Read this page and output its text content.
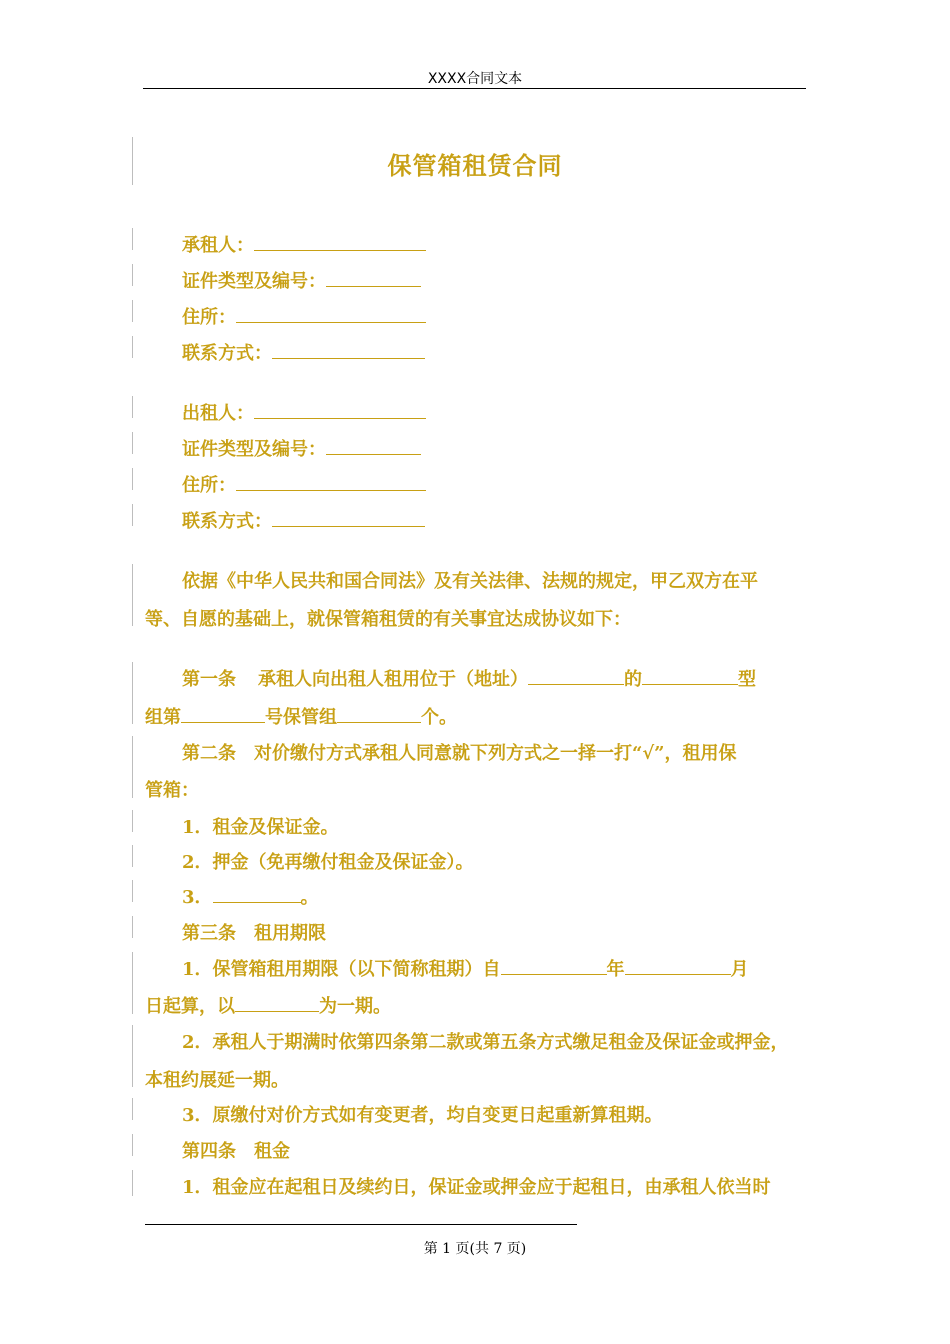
XXXX合同文本
保管箱租赁合同
承租人：
证件类型及编号：
住所：
联系方式：
出租人：
证件类型及编号：
住所：
联系方式：
依据《中华人民共和国合同法》及有关法律、法规的规定，甲乙双方在平
等、自愿的基础上，就保管箱租赁的有关事宜达成协议如下：
第一条 承租人向出租人租用位于（地址）	的	型
组第	号保管组	个。
第二条　对价缴付方式承租人同意就下列方式之一择一打“√”，租用保
管箱：
1．租金及保证金。
2．押金（免再缴付租金及保证金）。
3．	。
第三条　租用期限
1．保管箱租用期限（以下简称租期）自	年	月
日起算，以	为一期。
2．承租人于期满时依第四条第二款或第五条方式缴足租金及保证金或押金，
本租约展延一期。
3．原缴付对价方式如有变更者，均自变更日起重新算租期。
第四条　租金
1．租金应在起租日及续约日，保证金或押金应于起租日，由承租人依当时
第 1 页(共 7 页)
